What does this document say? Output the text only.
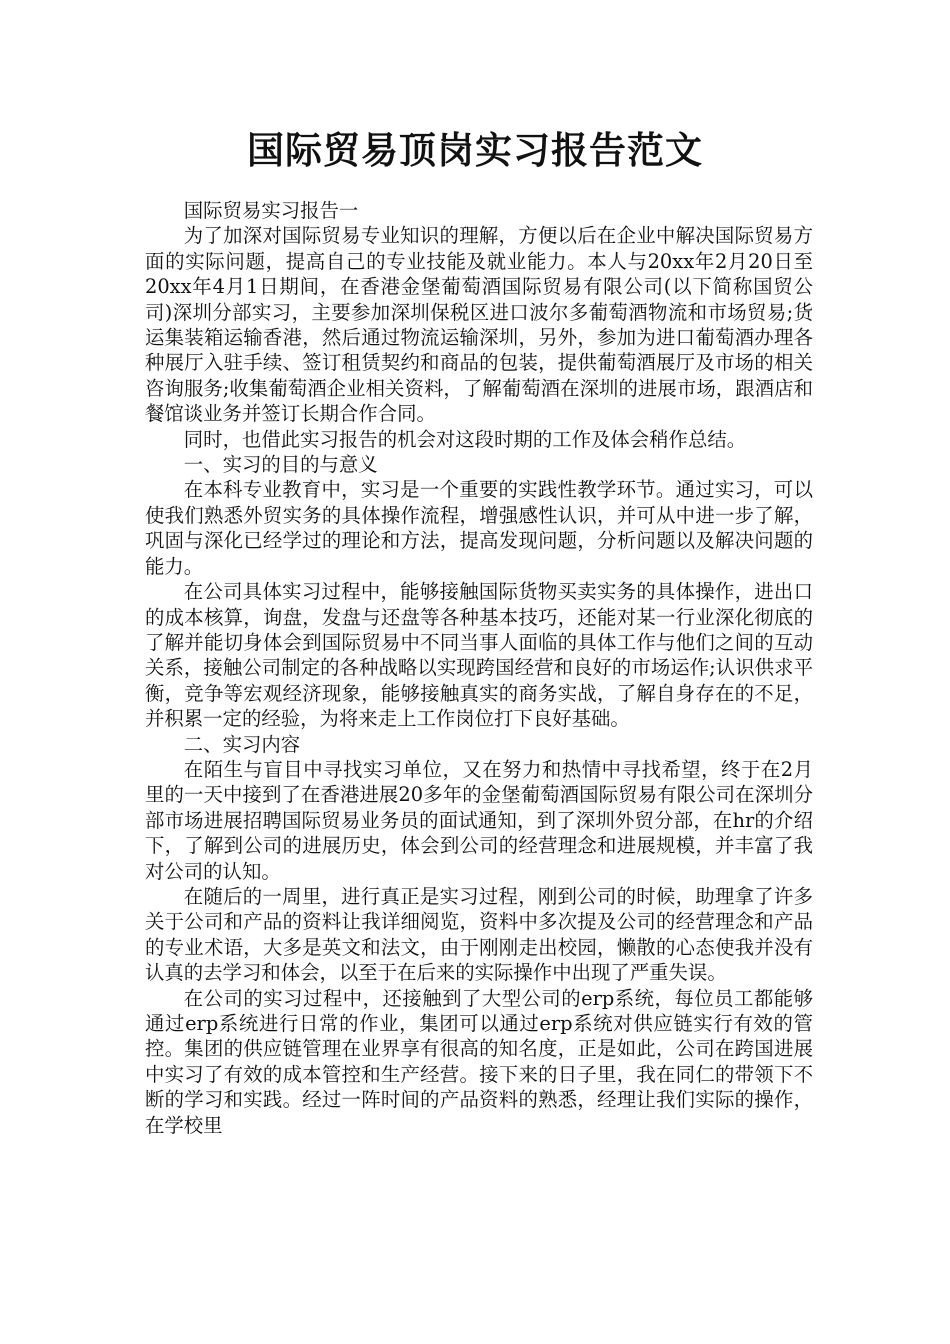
国际贸易顶岗实习报告范文

国际贸易实习报告一

为了加深对国际贸易专业知识的理解，方便以后在企业中解决国际贸易方面的实际问题，提高自己的专业技能及就业能力。本人与20xx年2月20日至20xx年4月1日期间，在香港金堡葡萄酒国际贸易有限公司(以下简称国贸公司)深圳分部实习，主要参加深圳保税区进口波尔多葡萄酒物流和市场贸易;货运集装箱运输香港，然后通过物流运输深圳，另外，参加为进口葡萄酒办理各种展厅入驻手续、签订租赁契约和商品的包装，提供葡萄酒展厅及市场的相关咨询服务;收集葡萄酒企业相关资料，了解葡萄酒在深圳的进展市场，跟酒店和餐馆谈业务并签订长期合作合同。

同时，也借此实习报告的机会对这段时期的工作及体会稍作总结。

一、实习的目的与意义

在本科专业教育中，实习是一个重要的实践性教学环节。通过实习，可以使我们熟悉外贸实务的具体操作流程，增强感性认识，并可从中进一步了解，巩固与深化已经学过的理论和方法，提高发现问题，分析问题以及解决问题的能力。

在公司具体实习过程中，能够接触国际货物买卖实务的具体操作，进出口的成本核算，询盘，发盘与还盘等各种基本技巧，还能对某一行业深化彻底的了解并能切身体会到国际贸易中不同当事人面临的具体工作与他们之间的互动关系，接触公司制定的各种战略以实现跨国经营和良好的市场运作;认识供求平衡，竞争等宏观经济现象，能够接触真实的商务实战，了解自身存在的不足，并积累一定的经验，为将来走上工作岗位打下良好基础。

二、实习内容

在陌生与盲目中寻找实习单位，又在努力和热情中寻找希望，终于在2月里的一天中接到了在香港进展20多年的金堡葡萄酒国际贸易有限公司在深圳分部市场进展招聘国际贸易业务员的面试通知，到了深圳外贸分部，在hr的介绍下，了解到公司的进展历史，体会到公司的经营理念和进展规模，并丰富了我对公司的认知。

在随后的一周里，进行真正是实习过程，刚到公司的时候，助理拿了许多关于公司和产品的资料让我详细阅览，资料中多次提及公司的经营理念和产品的专业术语，大多是英文和法文，由于刚刚走出校园，懒散的心态使我并没有认真的去学习和体会，以至于在后来的实际操作中出现了严重失误。

在公司的实习过程中，还接触到了大型公司的erp系统，每位员工都能够通过erp系统进行日常的作业，集团可以通过erp系统对供应链实行有效的管控。集团的供应链管理在业界享有很高的知名度，正是如此，公司在跨国进展中实习了有效的成本管控和生产经营。接下来的日子里，我在同仁的带领下不断的学习和实践。经过一阵时间的产品资料的熟悉，经理让我们实际的操作，在学校里
